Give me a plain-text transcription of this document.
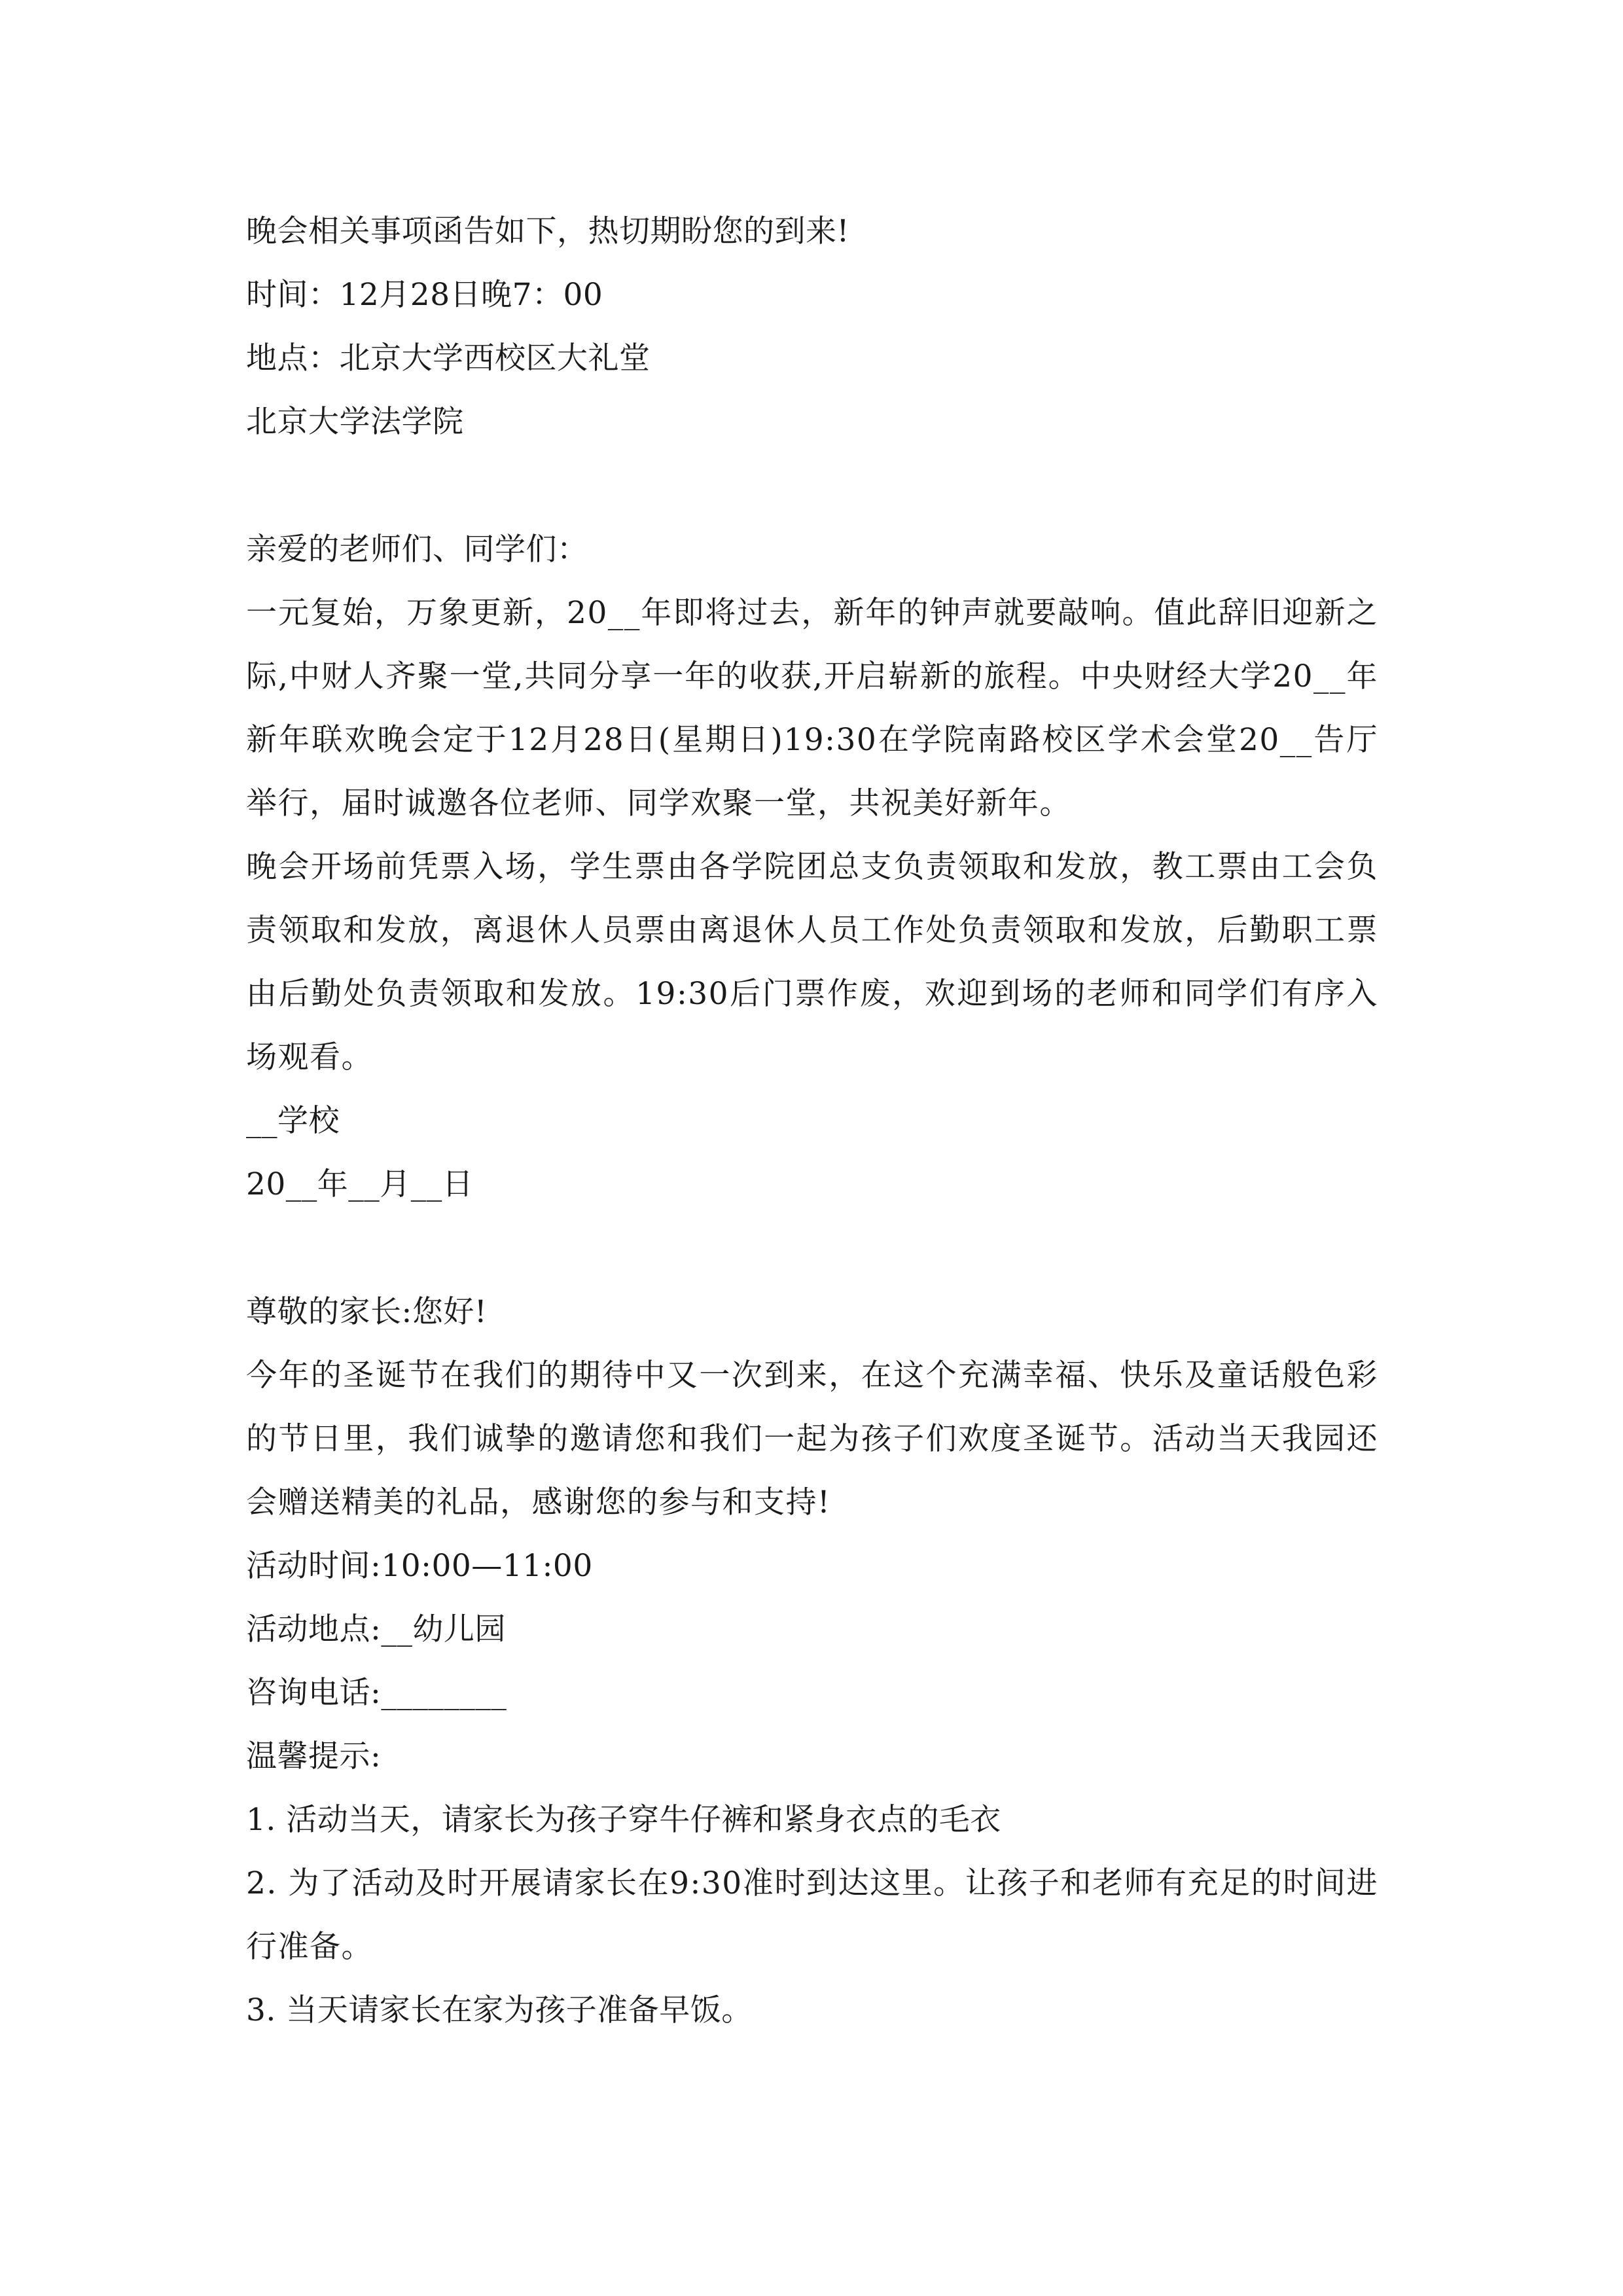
晚会相关事项函告如下，热切期盼您的到来!
时间：12月28日晚7：00
地点：北京大学西校区大礼堂
北京大学法学院
亲爱的老师们、同学们：
一元复始，万象更新，20__年即将过去，新年的钟声就要敲响。值此辞旧迎新之际,中财人齐聚一堂,共同分享一年的收获,开启崭新的旅程。中央财经大学20__年新年联欢晚会定于12月28日(星期日)19:30在学院南路校区学术会堂20__告厅举行，届时诚邀各位老师、同学欢聚一堂，共祝美好新年。
晚会开场前凭票入场，学生票由各学院团总支负责领取和发放，教工票由工会负责领取和发放，离退休人员票由离退休人员工作处负责领取和发放，后勤职工票由后勤处负责领取和发放。19:30后门票作废，欢迎到场的老师和同学们有序入场观看。
__学校
20__年__月__日
尊敬的家长:您好!
今年的圣诞节在我们的期待中又一次到来，在这个充满幸福、快乐及童话般色彩的节日里，我们诚挚的邀请您和我们一起为孩子们欢度圣诞节。活动当天我园还会赠送精美的礼品，感谢您的参与和支持!
活动时间:10:00—11:00
活动地点:__幼儿园
咨询电话:________
温馨提示:
1. 活动当天，请家长为孩子穿牛仔裤和紧身衣点的毛衣
2. 为了活动及时开展请家长在9:30准时到达这里。让孩子和老师有充足的时间进行准备。
3. 当天请家长在家为孩子准备早饭。
